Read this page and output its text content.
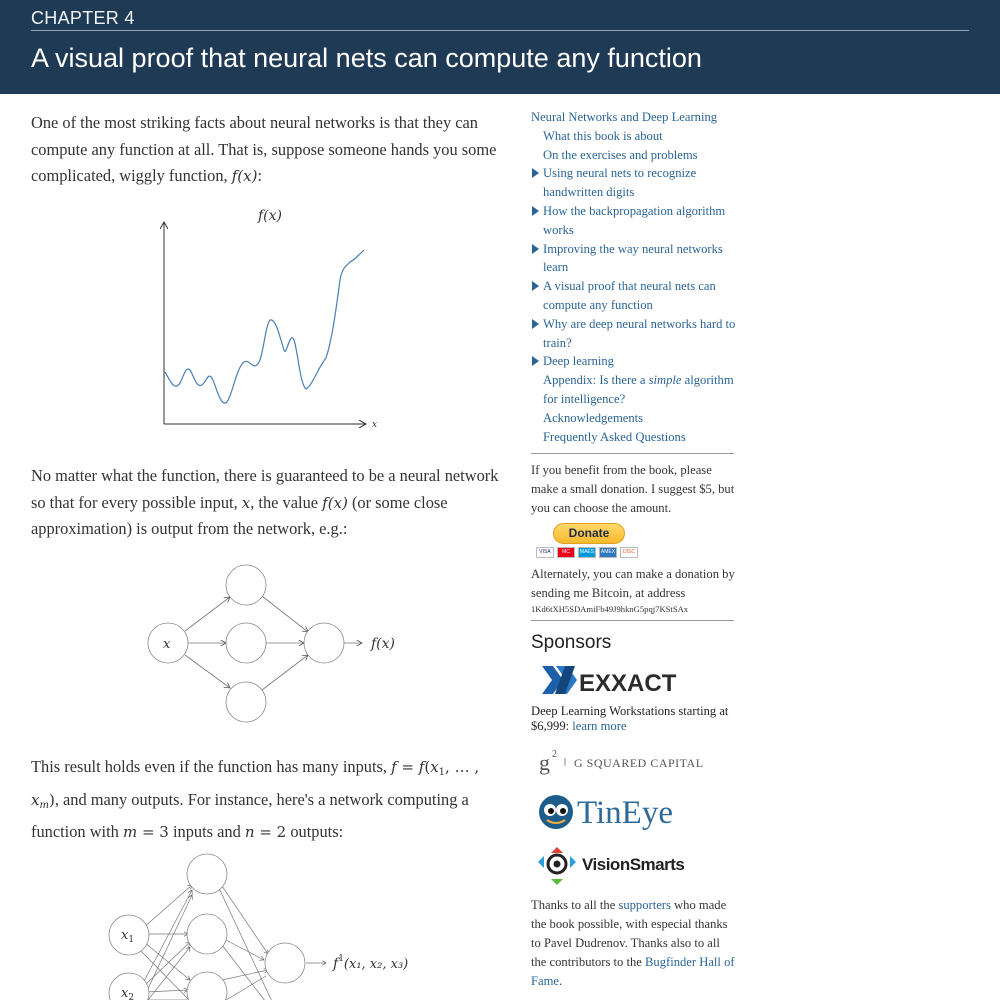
CHAPTER 4
A visual proof that neural nets can compute any function

One of the most striking facts about neural networks is that they can compute any function at all. That is, suppose someone hands you some complicated, wiggly function, f(x):

f(x)
x

No matter what the function, there is guaranteed to be a neural network so that for every possible input, x, the value f(x) (or some close approximation) is output from the network, e.g.:

x	f(x)

This result holds even if the function has many inputs, $f = f(x_1$, … , $x_m$), and many outputs. For instance, here's a network computing a function with m = 3 inputs and n = 2 outputs:

$x_1$
$x_2$
$f^1(x_1$, x₂, x₃)
Neural Networks and Deep Learning
What this book is about
On the exercises and problems
Using neural nets to recognize handwritten digits
How the backpropagation algorithm works
Improving the way neural networks learn
A visual proof that neural nets can compute any function
Why are deep neural networks hard to train?
Deep learning
Appendix: Is there a simple algorithm for intelligence?
Acknowledgements
Frequently Asked Questions

If you benefit from the book, please make a small donation. I suggest $5, but you can choose the amount.

Donate
VISA	MC	MAES	AMEX	DISC

Alternately, you can make a donation by sending me Bitcoin, at address

1Kd6tXH5SDAmiFb49J9hknG5pqj7KStSAx

Sponsors
EXXACT

Deep Learning Workstations starting at $6,999: learn more

g 2
G SQUARED CAPITAL
TinEye
VisionSmarts

Thanks to all the supporters who made the book possible, with especial thanks to Pavel Dudrenov. Thanks also to all the contributors to the Bugfinder Hall of Fame.
